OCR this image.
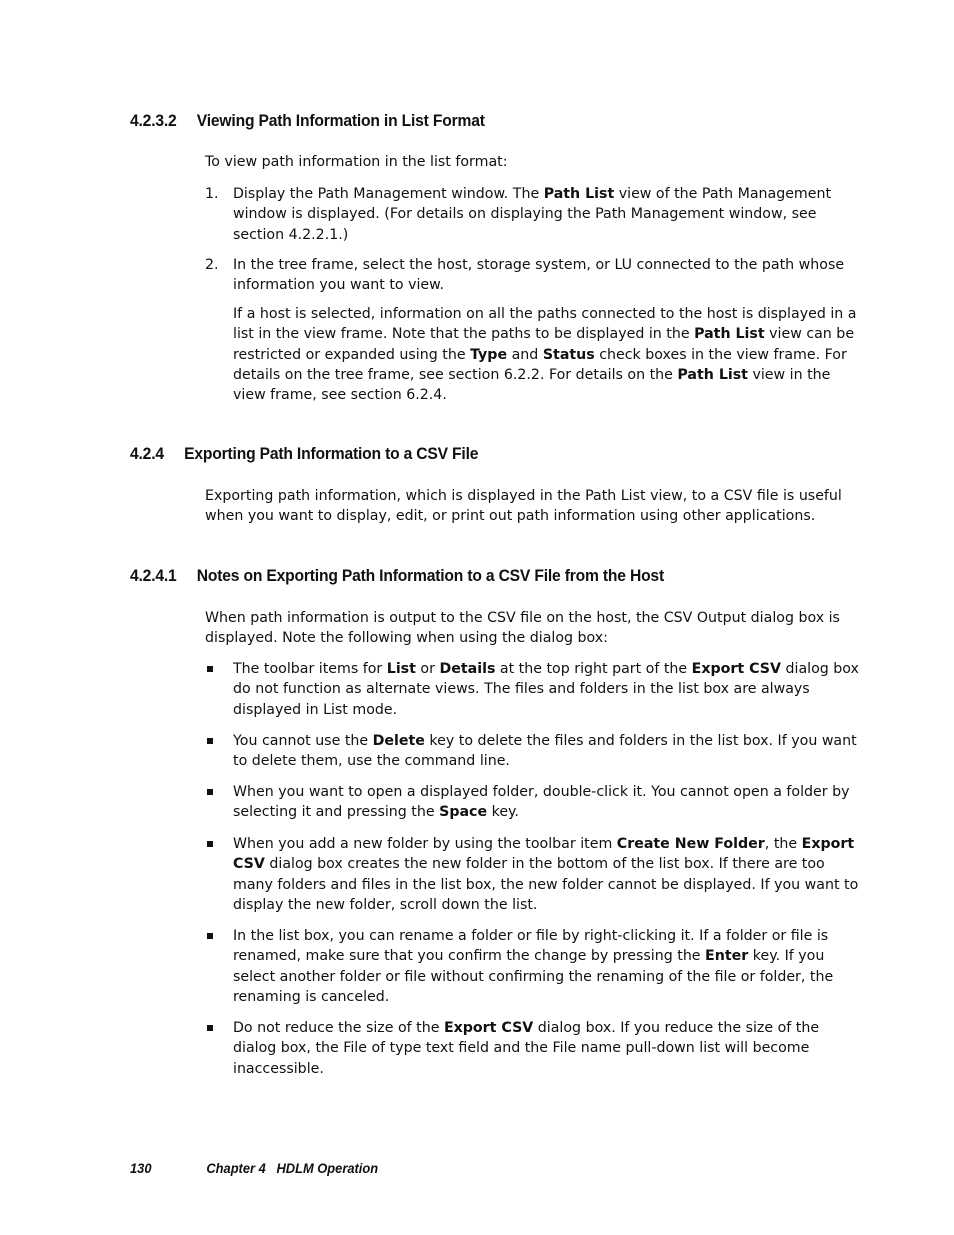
4.2.3.2 Viewing Path Information in List Format

To view path information in the list format:

1. Display the Path Management window. The Path List view of the Path Management window is displayed. (For details on displaying the Path Management window, see section 4.2.2.1.)
2. In the tree frame, select the host, storage system, or LU connected to the path whose information you want to view.

If a host is selected, information on all the paths connected to the host is displayed in a list in the view frame. Note that the paths to be displayed in the Path List view can be restricted or expanded using the Type and Status check boxes in the view frame. For details on the tree frame, see section 6.2.2. For details on the Path List view in the view frame, see section 6.2.4.

4.2.4 Exporting Path Information to a CSV File

Exporting path information, which is displayed in the Path List view, to a CSV file is useful when you want to display, edit, or print out path information using other applications.

4.2.4.1 Notes on Exporting Path Information to a CSV File from the Host

When path information is output to the CSV file on the host, the CSV Output dialog box is displayed. Note the following when using the dialog box:

The toolbar items for List or Details at the top right part of the Export CSV dialog box do not function as alternate views. The files and folders in the list box are always displayed in List mode.
You cannot use the Delete key to delete the files and folders in the list box. If you want to delete them, use the command line.
When you want to open a displayed folder, double-click it. You cannot open a folder by selecting it and pressing the Space key.
When you add a new folder by using the toolbar item Create New Folder, the Export CSV dialog box creates the new folder in the bottom of the list box. If there are too many folders and files in the list box, the new folder cannot be displayed. If you want to display the new folder, scroll down the list.
In the list box, you can rename a folder or file by right-clicking it. If a folder or file is renamed, make sure that you confirm the change by pressing the Enter key. If you select another folder or file without confirming the renaming of the file or folder, the renaming is canceled.
Do not reduce the size of the Export CSV dialog box. If you reduce the size of the dialog box, the File of type text field and the File name pull-down list will become inaccessible.
130	Chapter 4   HDLM Operation
